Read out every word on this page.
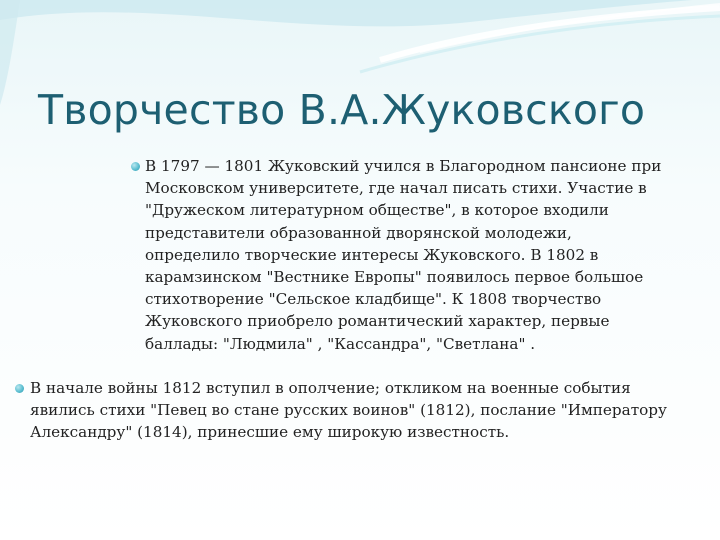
Творчество В.А.Жуковского
В 1797 — 1801 Жуковский учился в Благородном пансионе при Московском университете, где начал писать стихи. Участие в "Дружеском литературном обществе", в которое входили представители образованной дворянской молодежи, определило творческие интересы Жуковского. В 1802 в карамзинском "Вестнике Европы" появилось первое большое стихотворение "Сельское кладбище". К 1808 творчество Жуковского приобрело романтический характер, первые баллады: "Людмила" , "Кассандра", "Светлана" .
В начале войны 1812 вступил в ополчение; откликом на военные события явились стихи "Певец во стане русских воинов" (1812), послание "Императору Александру" (1814), принесшие ему широкую известность.
